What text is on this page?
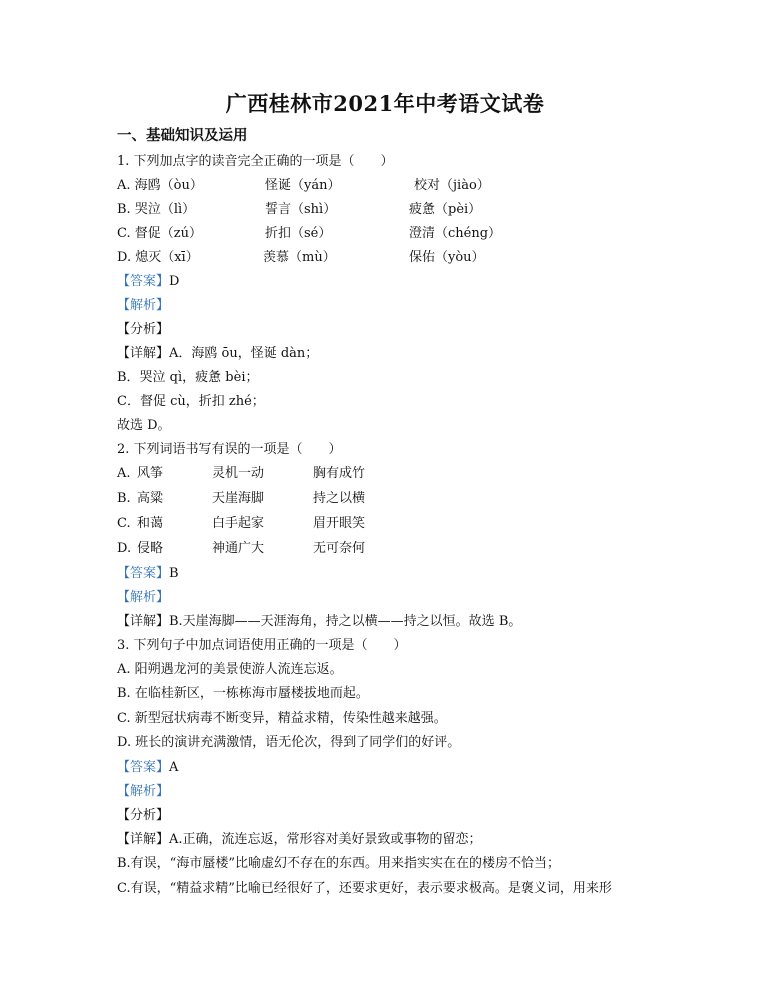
广西桂林市2021年中考语文试卷
一、基础知识及运用
1. 下列加点字的读音完全正确的一项是（　　）
A. 海鸥（òu）	怪诞（yán）	校对（jiào）
B. 哭泣（lì）	誓言（shì）	疲惫（pèi）
C. 督促（zú）	折扣（sé）	澄清（chéng）
D. 熄灭（xī）	羡慕（mù）	保佑（yòu）
【答案】D
【解析】
【分析】
【详解】A．海鸥 ōu，怪诞 dàn；
B．哭泣 qì，疲惫 bèi；
C．督促 cù，折扣 zhé；
故选 D。
2. 下列词语书写有误的一项是（　　）
A. 风筝	灵机一动	胸有成竹
B. 高粱	天崖海脚	持之以横
C. 和蔼	白手起家	眉开眼笑
D. 侵略	神通广大	无可奈何
【答案】B
【解析】
【详解】B.天崖海脚——天涯海角，持之以横——持之以恒。故选 B。
3. 下列句子中加点词语使用正确的一项是（　　）
A. 阳朔遇龙河的美景使游人流连忘返。
B. 在临桂新区，一栋栋海市蜃楼拔地而起。
C. 新型冠状病毒不断变异，精益求精，传染性越来越强。
D. 班长的演讲充满激情，语无伦次，得到了同学们的好评。
【答案】A
【解析】
【分析】
【详解】A.正确，流连忘返，常形容对美好景致或事物的留恋；
B.有误，“海市蜃楼”比喻虚幻不存在的东西。用来指实实在在的楼房不恰当；
C.有误，“精益求精”比喻已经很好了，还要求更好，表示要求极高。是褒义词，用来形
